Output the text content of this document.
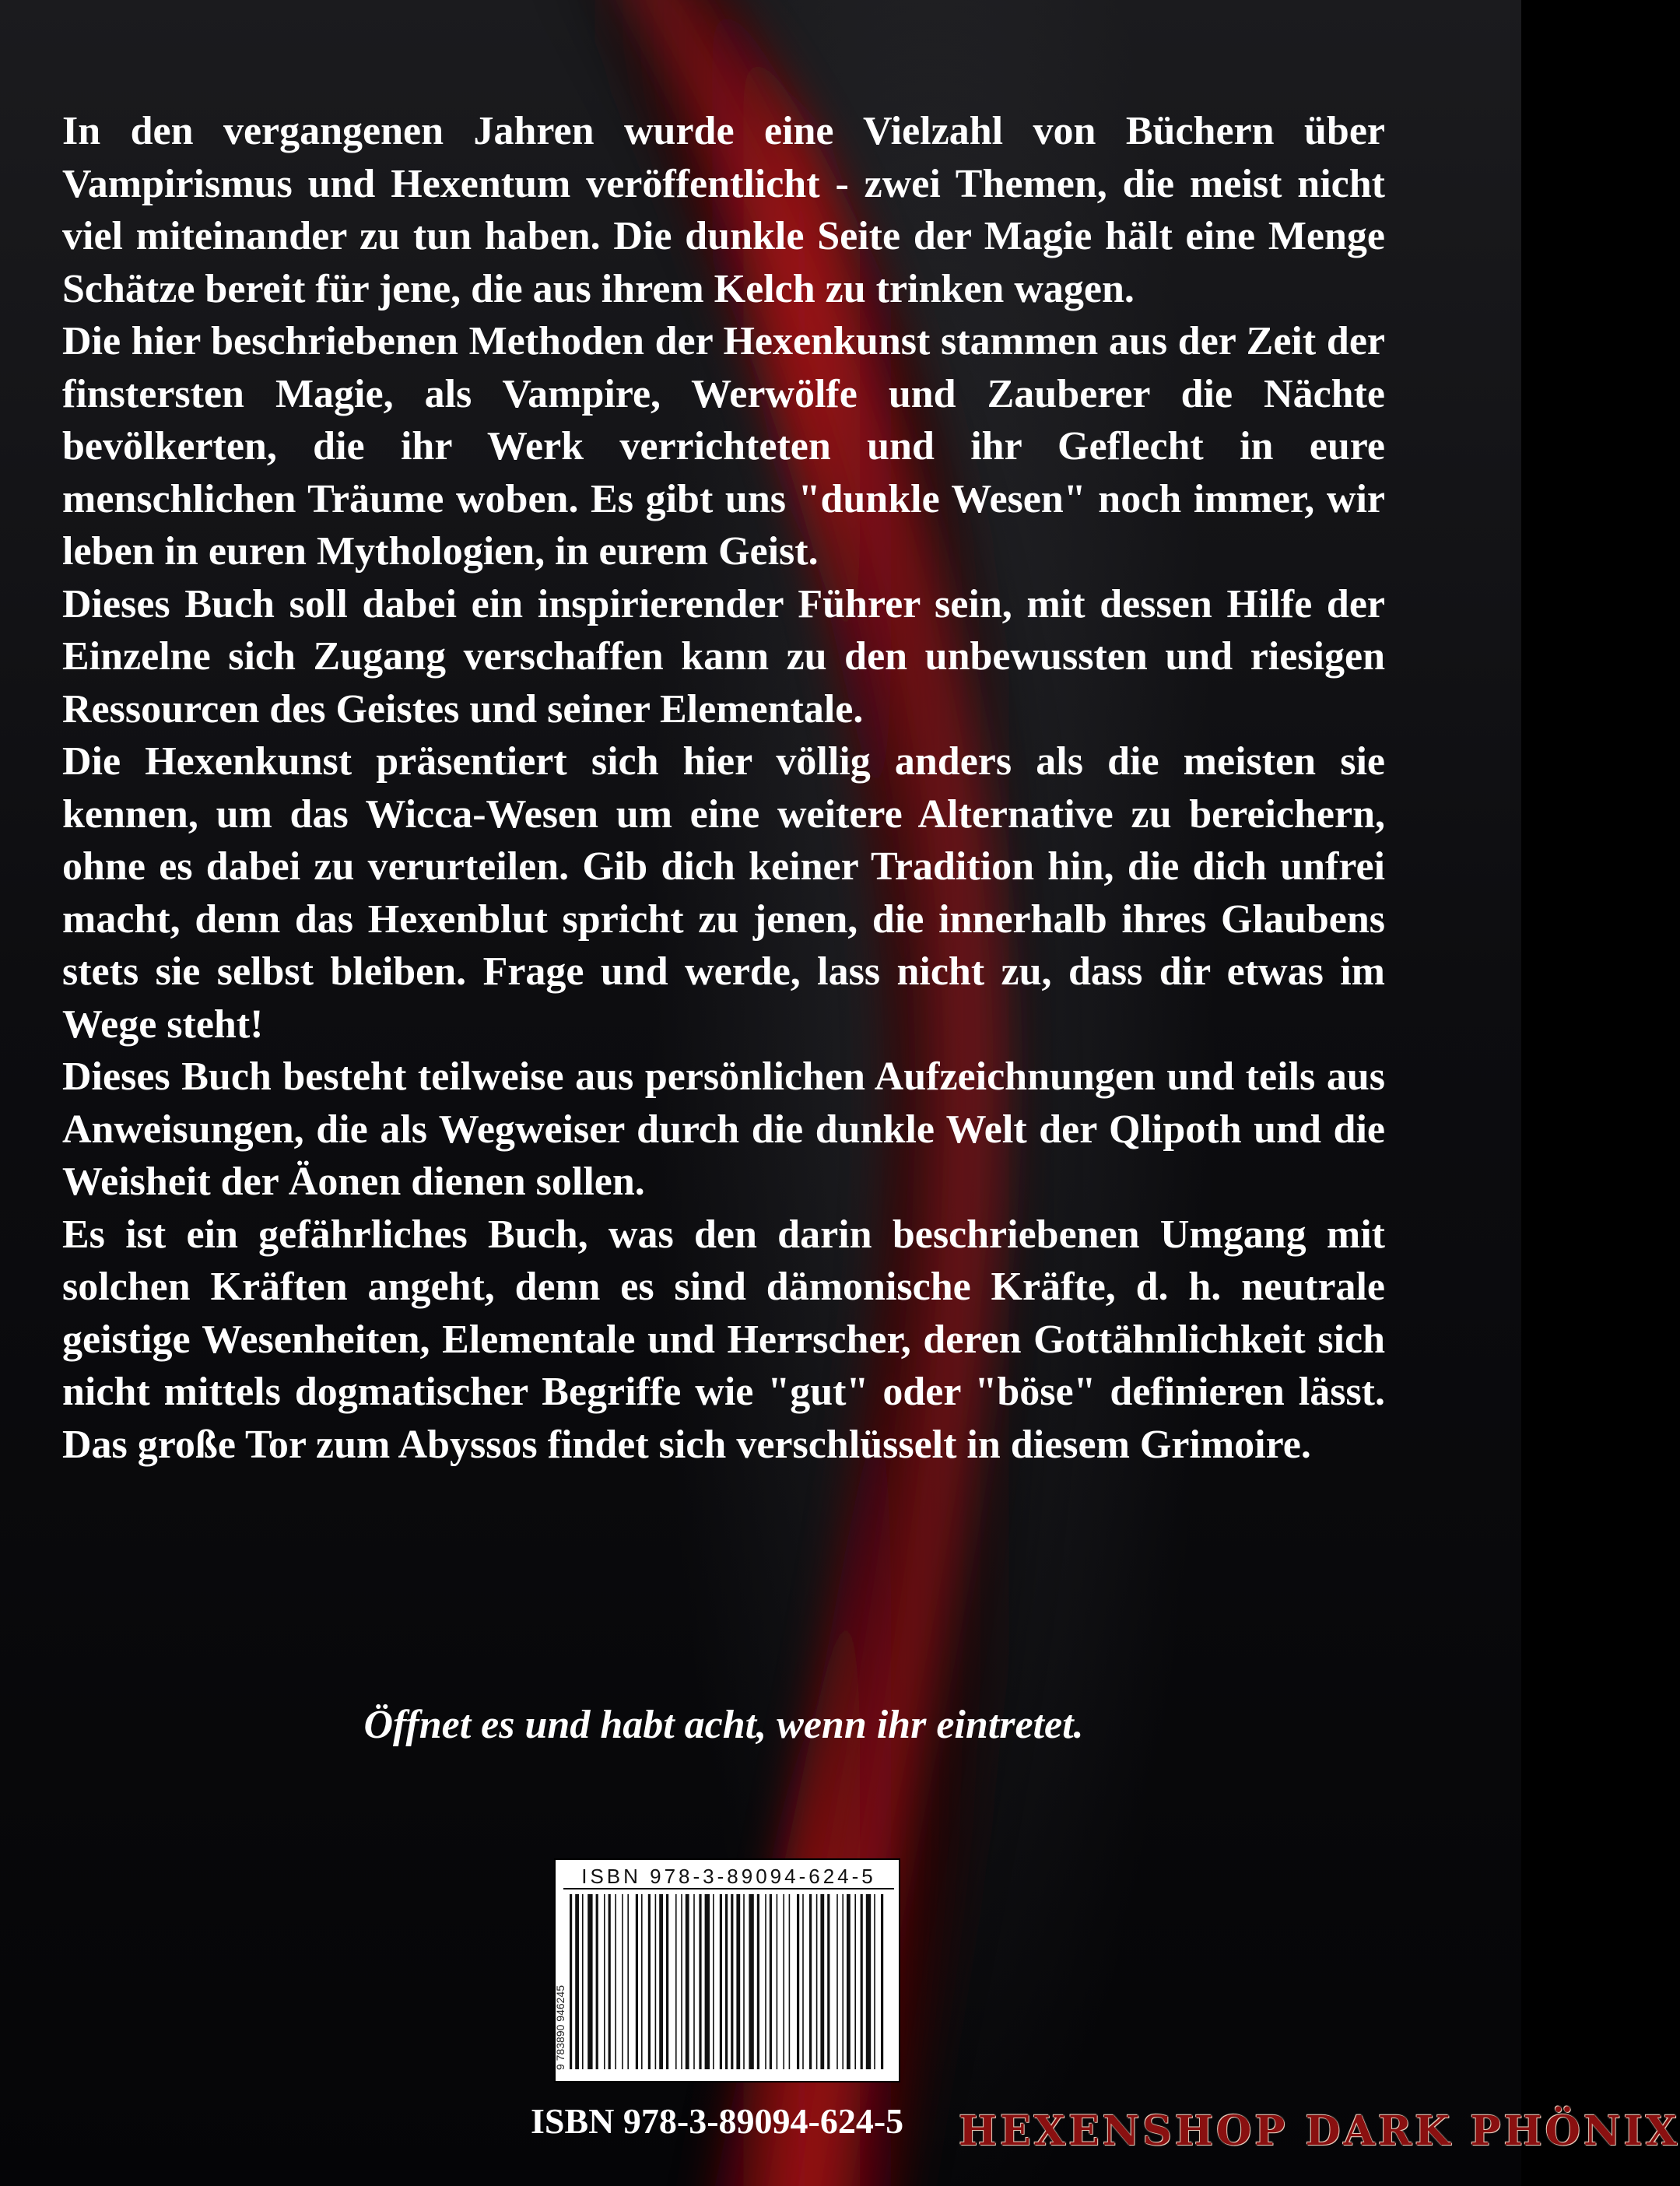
In den vergangenen Jahren wurde eine Vielzahl von Büchern über Vampirismus und Hexentum veröffentlicht - zwei Themen, die meist nicht viel miteinander zu tun haben. Die dunkle Seite der Magie hält eine Menge Schätze bereit für jene, die aus ihrem Kelch zu trinken wagen.

Die hier beschriebenen Methoden der Hexenkunst stammen aus der Zeit der finstersten Magie, als Vampire, Werwölfe und Zauberer die Nächte bevölkerten, die ihr Werk verrichteten und ihr Geflecht in eure menschlichen Träume woben. Es gibt uns "dunkle Wesen" noch immer, wir leben in euren Mythologien, in eurem Geist.

Dieses Buch soll dabei ein inspirierender Führer sein, mit dessen Hilfe der Einzelne sich Zugang verschaffen kann zu den unbewussten und riesigen Ressourcen des Geistes und seiner Elementale.

Die Hexenkunst präsentiert sich hier völlig anders als die meisten sie kennen, um das Wicca-Wesen um eine weitere Alternative zu bereichern, ohne es dabei zu verurteilen. Gib dich keiner Tradition hin, die dich unfrei macht, denn das Hexenblut spricht zu jenen, die innerhalb ihres Glaubens stets sie selbst bleiben. Frage und werde, lass nicht zu, dass dir etwas im Wege steht!

Dieses Buch besteht teilweise aus persönlichen Aufzeichnungen und teils aus Anweisungen, die als Wegweiser durch die dunkle Welt der Qlipoth und die Weisheit der Äonen dienen sollen.

Es ist ein gefährliches Buch, was den darin beschriebenen Umgang mit solchen Kräften angeht, denn es sind dämonische Kräfte, d. h. neutrale geistige Wesenheiten, Elementale und Herrscher, deren Gottähnlichkeit sich nicht mittels dogmatischer Begriffe wie "gut" oder "böse" definieren lässt. Das große Tor zum Abyssos findet sich verschlüsselt in diesem Grimoire.

Öffnet es und habt acht, wenn ihr eintretet.

ISBN 978-3-89094-624-5
9 783890 946245

ISBN 978-3-89094-624-5 HEXENSHOP DARK PHÖNIX
